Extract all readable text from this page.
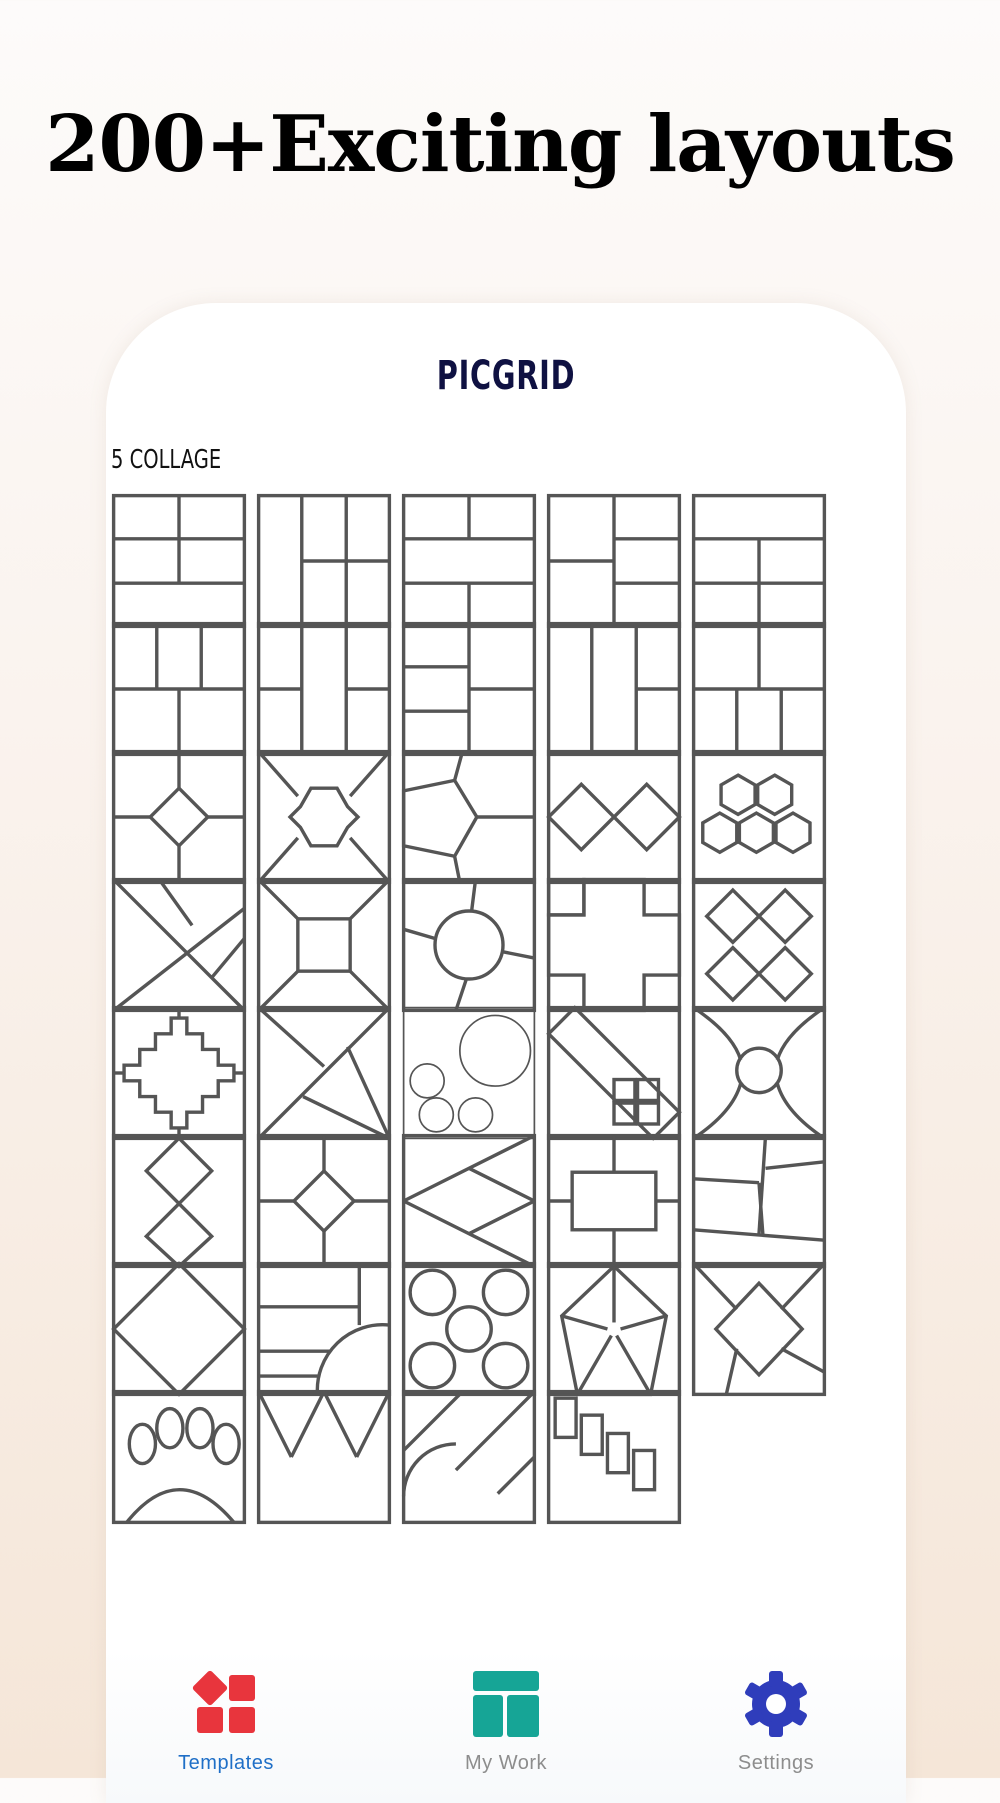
200+Exciting layouts
PICGRID
5 COLLAGE
Templates	My Work	Settings
